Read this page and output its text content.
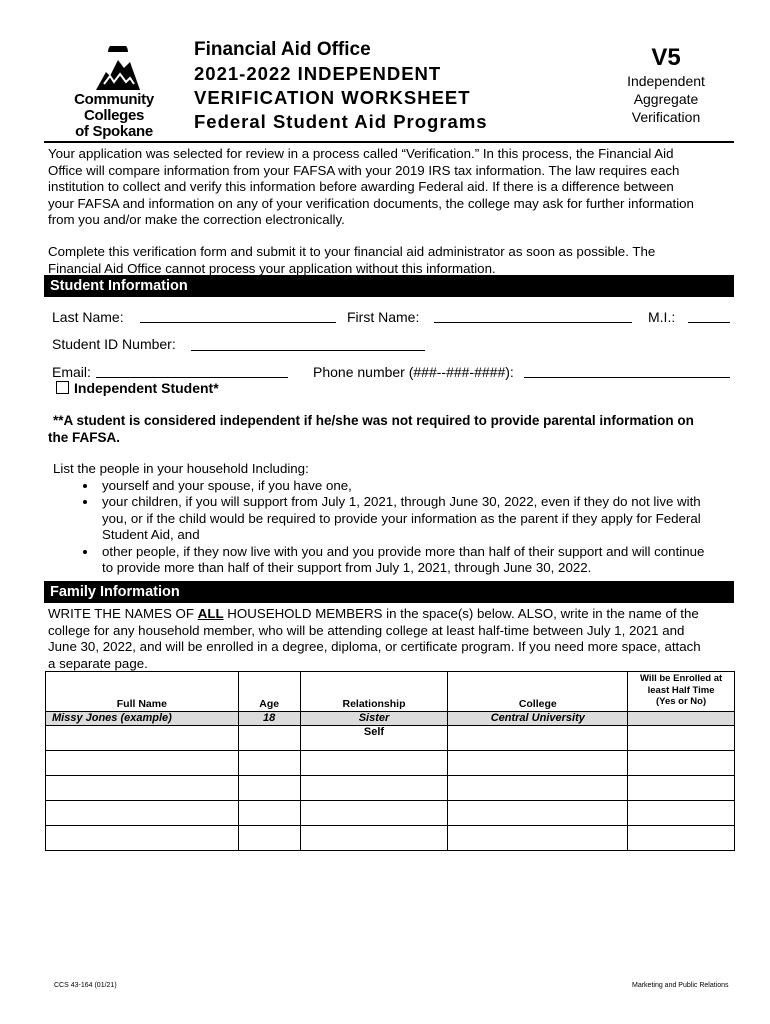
Community Colleges
of Spokane
Financial Aid Office
2021-2022 INDEPENDENT
VERIFICATION WORKSHEET
Federal Student Aid Programs
V5
Independent
Aggregate
Verification
Your application was selected for review in a process called “Verification.” In this process, the Financial Aid
Office will compare information from your FAFSA with your 2019 IRS tax information. The law requires each
institution to collect and verify this information before awarding Federal aid. If there is a difference between
your FAFSA and information on any of your verification documents, the college may ask for further information
from you and/or make the correction electronically.
Complete this verification form and submit it to your financial aid administrator as soon as possible. The
Financial Aid Office cannot process your application without this information.
Student Information
Last Name:	First Name:	M.I.:
Student ID Number:
Email:	Phone number (###--###-####):
Independent Student*
**A student is considered independent if he/she was not required to provide parental information on
the FAFSA.
List the people in your household Including:
• yourself and your spouse, if you have one,
• your children, if you will support from July 1, 2021, through June 30, 2022, even if they do not live with
you, or if the child would be required to provide your information as the parent if they apply for Federal
Student Aid, and
• other people, if they now live with you and you provide more than half of their support and will continue
to provide more than half of their support from July 1, 2021, through June 30, 2022.
Family Information
WRITE THE NAMES OF ALL HOUSEHOLD MEMBERS in the space(s) below. ALSO, write in the name of the
college for any household member, who will be attending college at least half-time between July 1, 2021 and
June 30, 2022, and will be enrolled in a degree, diploma, or certificate program. If you need more space, attach
a separate page.
Full Name	Age	Relationship	College	Will be Enrolled at
least Half Time
(Yes or No)

Missy Jones (example)	18	Sister	Central University	
		Self		

CCS 43-164 (01/21)	Marketing and Public Relations
